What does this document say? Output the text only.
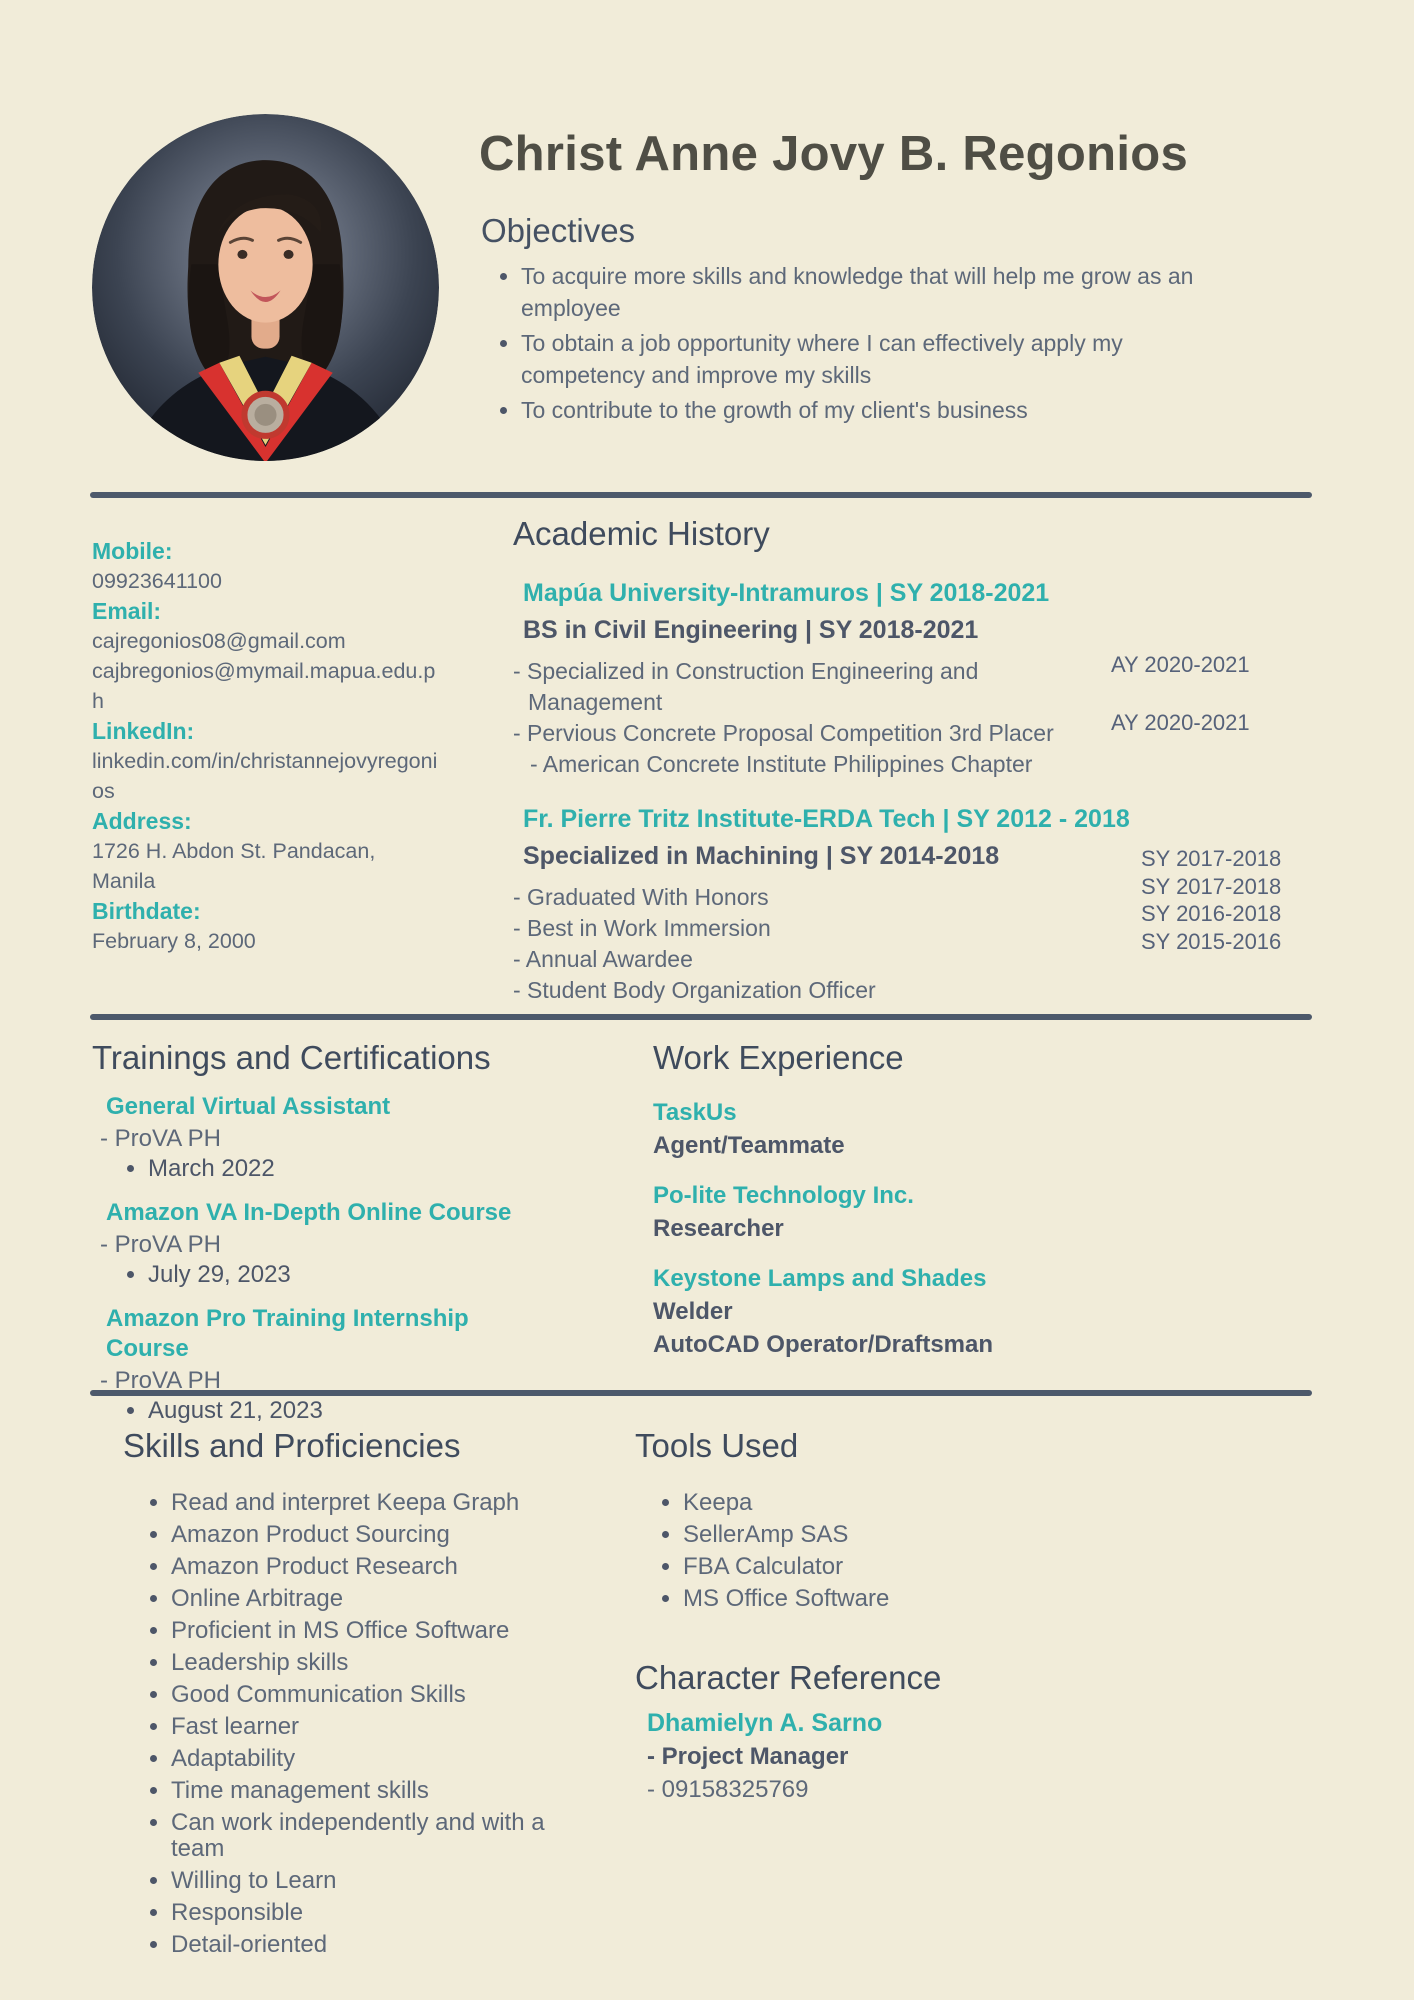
Christ Anne Jovy B. Regonios
Objectives
• To acquire more skills and knowledge that will help me grow as an employee
• To obtain a job opportunity where I can effectively apply my competency and improve my skills
• To contribute to the growth of my client's business
Mobile:
09923641100
Email:
cajregonios08@gmail.com
cajbregonios@mymail.mapua.edu.ph
LinkedIn:
linkedin.com/in/christannejovyregonios
Address:
1726 H. Abdon St. Pandacan, Manila
Birthdate:
February 8, 2000
Academic History
Mapúa University-Intramuros | SY 2018-2021
BS in Civil Engineering | SY 2018-2021
- Specialized in Construction Engineering and Management
- Pervious Concrete Proposal Competition 3rd Placer
- American Concrete Institute Philippines Chapter
AY 2020-2021
AY 2020-2021
Fr. Pierre Tritz Institute-ERDA Tech | SY 2012 - 2018
Specialized in Machining | SY 2014-2018
- Graduated With Honors
- Best in Work Immersion
- Annual Awardee
- Student Body Organization Officer
SY 2017-2018
SY 2017-2018
SY 2016-2018
SY 2015-2016
Trainings and Certifications
General Virtual Assistant
- ProVA PH
• March 2022
Amazon VA In-Depth Online Course
- ProVA PH
• July 29, 2023
Amazon Pro Training Internship Course
- ProVA PH
• August 21, 2023
Work Experience
TaskUs
Agent/Teammate
Po-lite Technology Inc.
Researcher
Keystone Lamps and Shades
Welder
AutoCAD Operator/Draftsman
Skills and Proficiencies
• Read and interpret Keepa Graph
• Amazon Product Sourcing
• Amazon Product Research
• Online Arbitrage
• Proficient in MS Office Software
• Leadership skills
• Good Communication Skills
• Fast learner
• Adaptability
• Time management skills
• Can work independently and with a team
• Willing to Learn
• Responsible
• Detail-oriented
Tools Used
• Keepa
• SellerAmp SAS
• FBA Calculator
• MS Office Software
Character Reference
Dhamielyn A. Sarno
- Project Manager
- 09158325769
